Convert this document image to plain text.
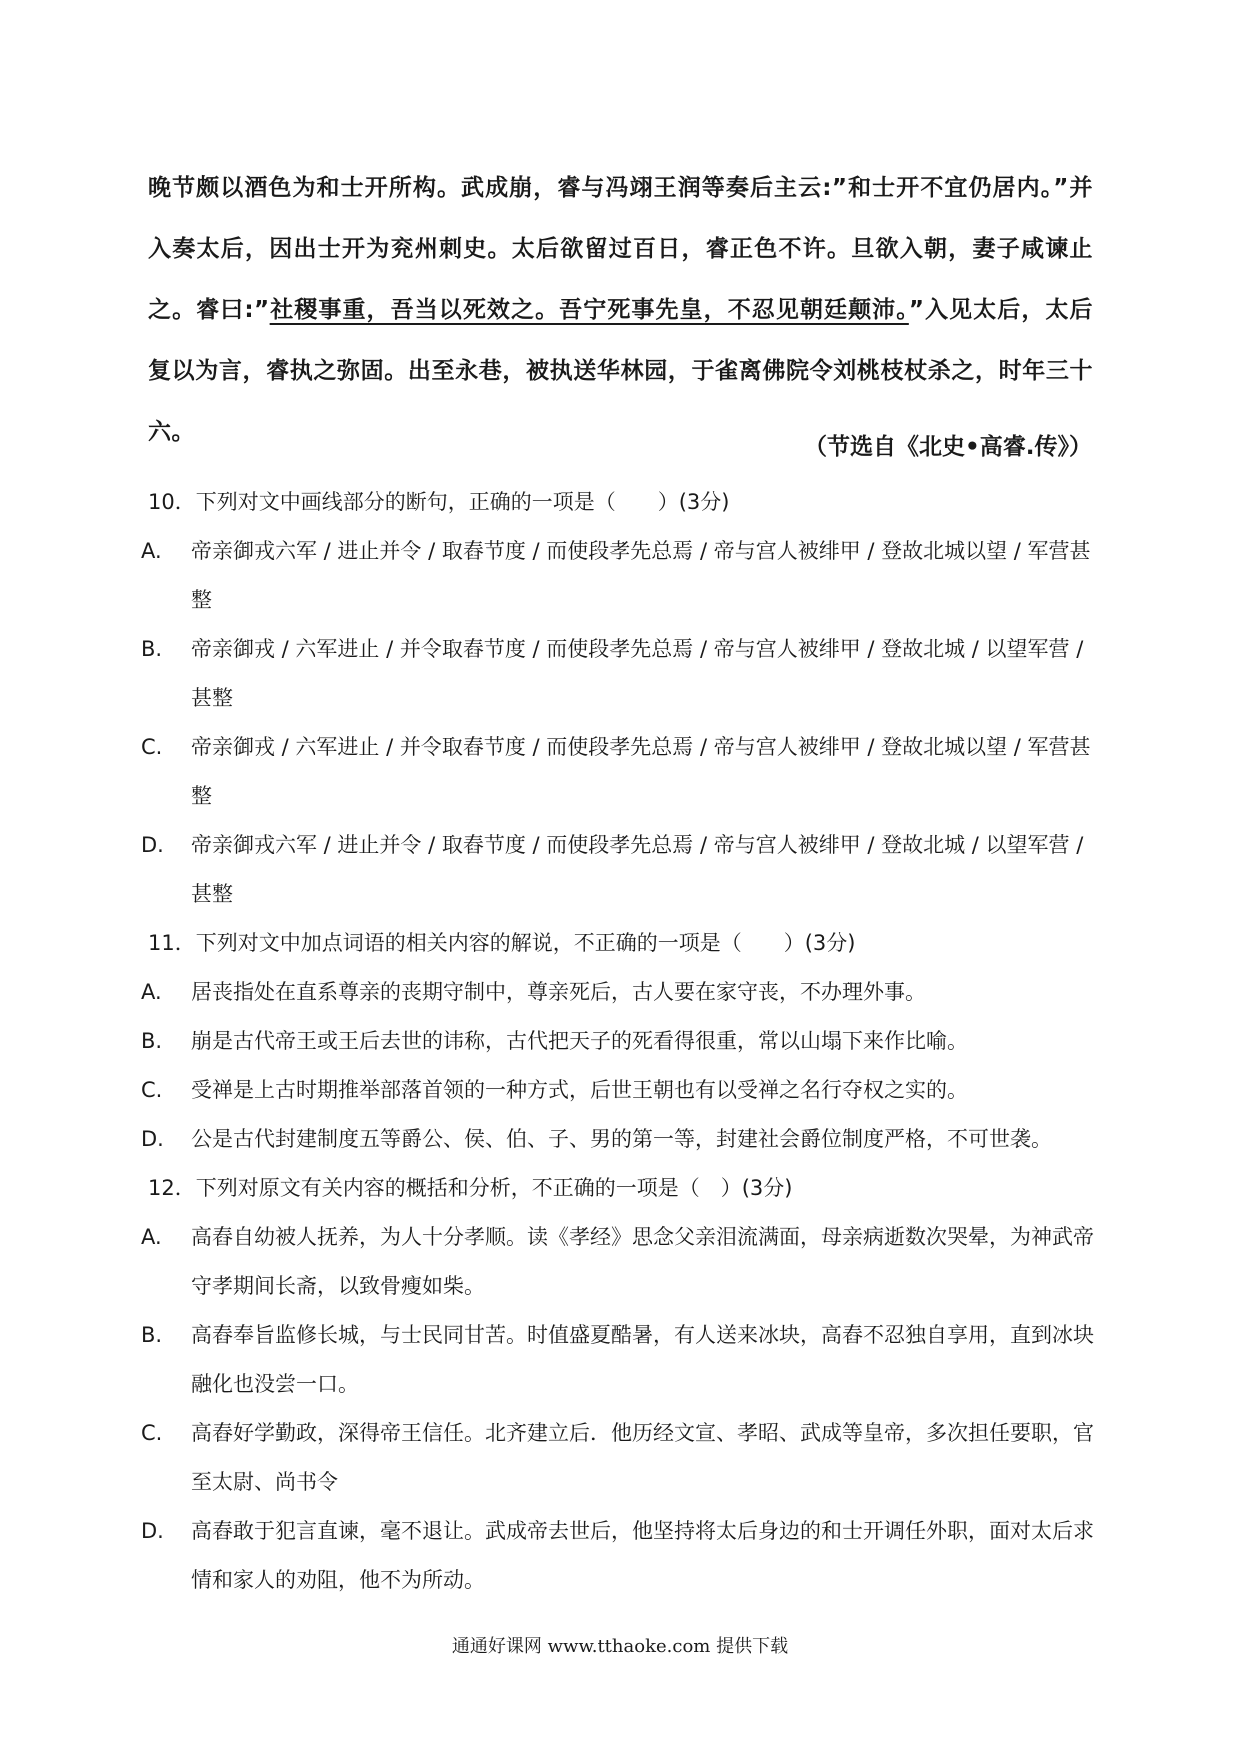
晚节颇以酒色为和士开所构。武成崩，睿与冯翊王润等奏后主云:”和士开不宜仍居内。”并入奏太后，因出士开为兖州刺史。太后欲留过百日，睿正色不许。旦欲入朝，妻子咸谏止之。睿曰:”社稷事重，吾当以死效之。吾宁死事先皇，不忍见朝廷颠沛。”入见太后，太后复以为言，睿执之弥固。出至永巷，被执送华林园，于雀离佛院令刘桃枝杖杀之，时年三十六。

（节选自《北史•高睿.传》）

10．下列对文中画线部分的断句，正确的一项是（　　）(3分)

A. 帝亲御戎六军 / 进止并令 / 取舂节度 / 而使段孝先总焉 / 帝与宫人被绯甲 / 登故北城以望 / 军营甚整

B. 帝亲御戎 / 六军进止 / 并令取舂节度 / 而使段孝先总焉 / 帝与宫人被绯甲 / 登故北城 / 以望军营 / 甚整

C. 帝亲御戎 / 六军进止 / 并令取舂节度 / 而使段孝先总焉 / 帝与宫人被绯甲 / 登故北城以望 / 军营甚整

D. 帝亲御戎六军 / 进止并令 / 取舂节度 / 而使段孝先总焉 / 帝与宫人被绯甲 / 登故北城 / 以望军营 / 甚整

11．下列对文中加点词语的相关内容的解说，不正确的一项是（　　）(3分)

A. 居丧指处在直系尊亲的丧期守制中，尊亲死后，古人要在家守丧，不办理外事。

B. 崩是古代帝王或王后去世的讳称，古代把天子的死看得很重，常以山塌下来作比喻。

C. 受禅是上古时期推举部落首领的一种方式，后世王朝也有以受禅之名行夺权之实的。

D. 公是古代封建制度五等爵公、侯、伯、子、男的第一等，封建社会爵位制度严格，不可世袭。

12．下列对原文有关内容的概括和分析，不正确的一项是（　）(3分)

A. 高舂自幼被人抚养，为人十分孝顺。读《孝经》思念父亲泪流满面，母亲病逝数次哭晕，为神武帝守孝期间长斋，以致骨瘦如柴。

B. 高舂奉旨监修长城，与士民同甘苦。时值盛夏酷暑，有人送来冰块，高舂不忍独自享用，直到冰块融化也没尝一口。

C. 高舂好学勤政，深得帝王信任。北齐建立后．他历经文宣、孝昭、武成等皇帝，多次担任要职，官至太尉、尚书令

D. 高舂敢于犯言直谏，毫不退让。武成帝去世后，他坚持将太后身边的和士开调任外职，面对太后求情和家人的劝阻，他不为所动。

通通好课网 www.tthaoke.com 提供下载
